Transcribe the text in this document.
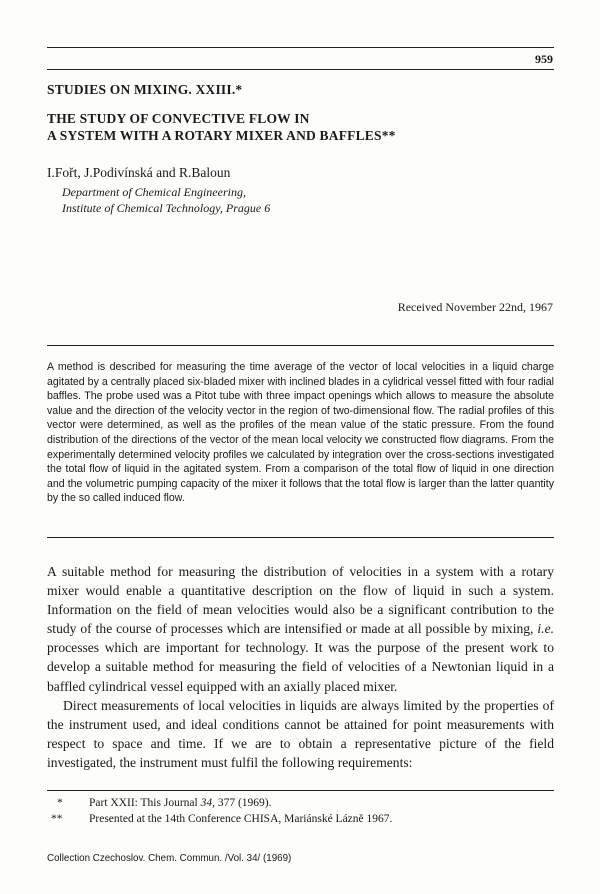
959
STUDIES ON MIXING. XXIII.*
THE STUDY OF CONVECTIVE FLOW IN
A SYSTEM WITH A ROTARY MIXER AND BAFFLES**
I.Fořt, J.Podivínská and R.Baloun
Department of Chemical Engineering,
Institute of Chemical Technology, Prague 6
Received November 22nd, 1967
A method is described for measuring the time average of the vector of local velocities in a liquid charge agitated by a centrally placed six-bladed mixer with inclined blades in a cylidrical vessel fitted with four radial baffles. The probe used was a Pitot tube with three impact openings which allows to measure the absolute value and the direction of the velocity vector in the region of two-dimensional flow. The radial profiles of this vector were determined, as well as the profiles of the mean value of the static pressure. From the found distribution of the directions of the vector of the mean local velocity we constructed flow diagrams. From the experimentally determined velocity profiles we calculated by integration over the cross-sections investigated the total flow of liquid in the agitated system. From a comparison of the total flow of liquid in one direction and the volumetric pumping capacity of the mixer it follows that the total flow is larger than the latter quantity by the so called induced flow.

A suitable method for measuring the distribution of velocities in a system with a rotary mixer would enable a quantitative description on the flow of liquid in such a system. Information on the field of mean velocities would also be a significant contribution to the study of the course of processes which are intensified or made at all possible by mixing, i.e. processes which are important for technology. It was the purpose of the present work to develop a suitable method for measuring the field of velocities of a Newtonian liquid in a baffled cylindrical vessel equipped with an axially placed mixer.

Direct measurements of local velocities in liquids are always limited by the properties of the instrument used, and ideal conditions cannot be attained for point measurements with respect to space and time. If we are to obtain a representative picture of the field investigated, the instrument must fulfil the following requirements:

* Part XXII: This Journal 34, 377 (1969).
** Presented at the 14th Conference CHISA, Mariánské Lázně 1967.
Collection Czechoslov. Chem. Commun. /Vol. 34/ (1969)
